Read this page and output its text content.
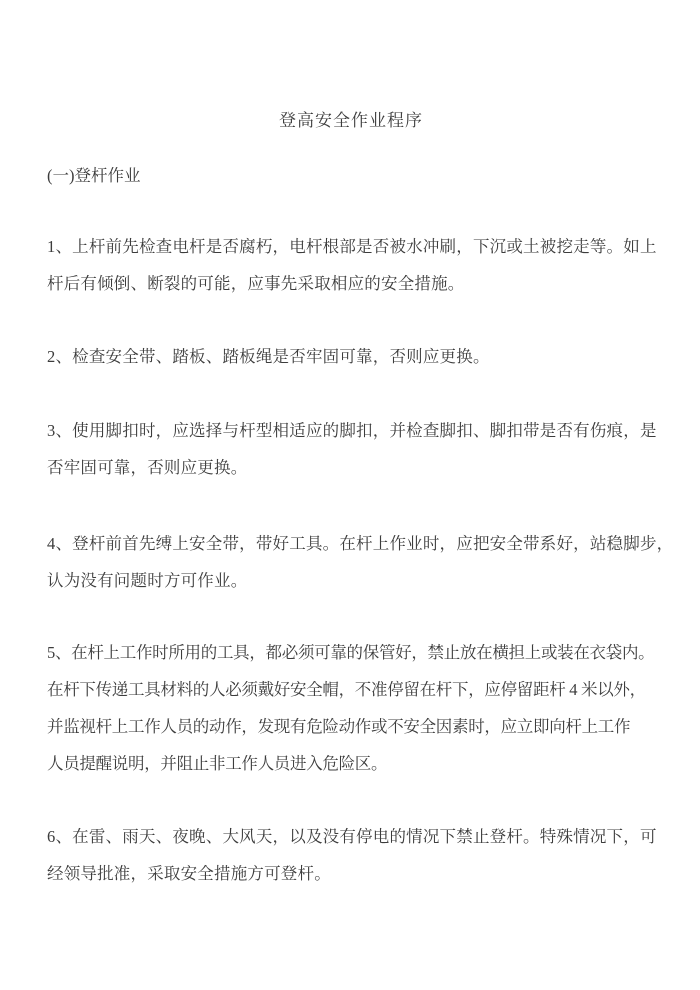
登高安全作业程序
(一)登杆作业
1、上杆前先检查电杆是否腐朽，电杆根部是否被水冲刷，下沉或土被挖走等。如上
杆后有倾倒、断裂的可能，应事先采取相应的安全措施。
2、检查安全带、踏板、踏板绳是否牢固可靠，否则应更换。
3、使用脚扣时，应选择与杆型相适应的脚扣，并检查脚扣、脚扣带是否有伤痕，是
否牢固可靠，否则应更换。
4、登杆前首先缚上安全带，带好工具。在杆上作业时，应把安全带系好，站稳脚步，
认为没有问题时方可作业。
5、在杆上工作时所用的工具，都必须可靠的保管好，禁止放在横担上或装在衣袋内。
在杆下传递工具材料的人必须戴好安全帽，不准停留在杆下，应停留距杆 4 米以外，
并监视杆上工作人员的动作，发现有危险动作或不安全因素时，应立即向杆上工作
人员提醒说明，并阻止非工作人员进入危险区。
6、在雷、雨天、夜晚、大风天，以及没有停电的情况下禁止登杆。特殊情况下，可
经领导批准，采取安全措施方可登杆。
